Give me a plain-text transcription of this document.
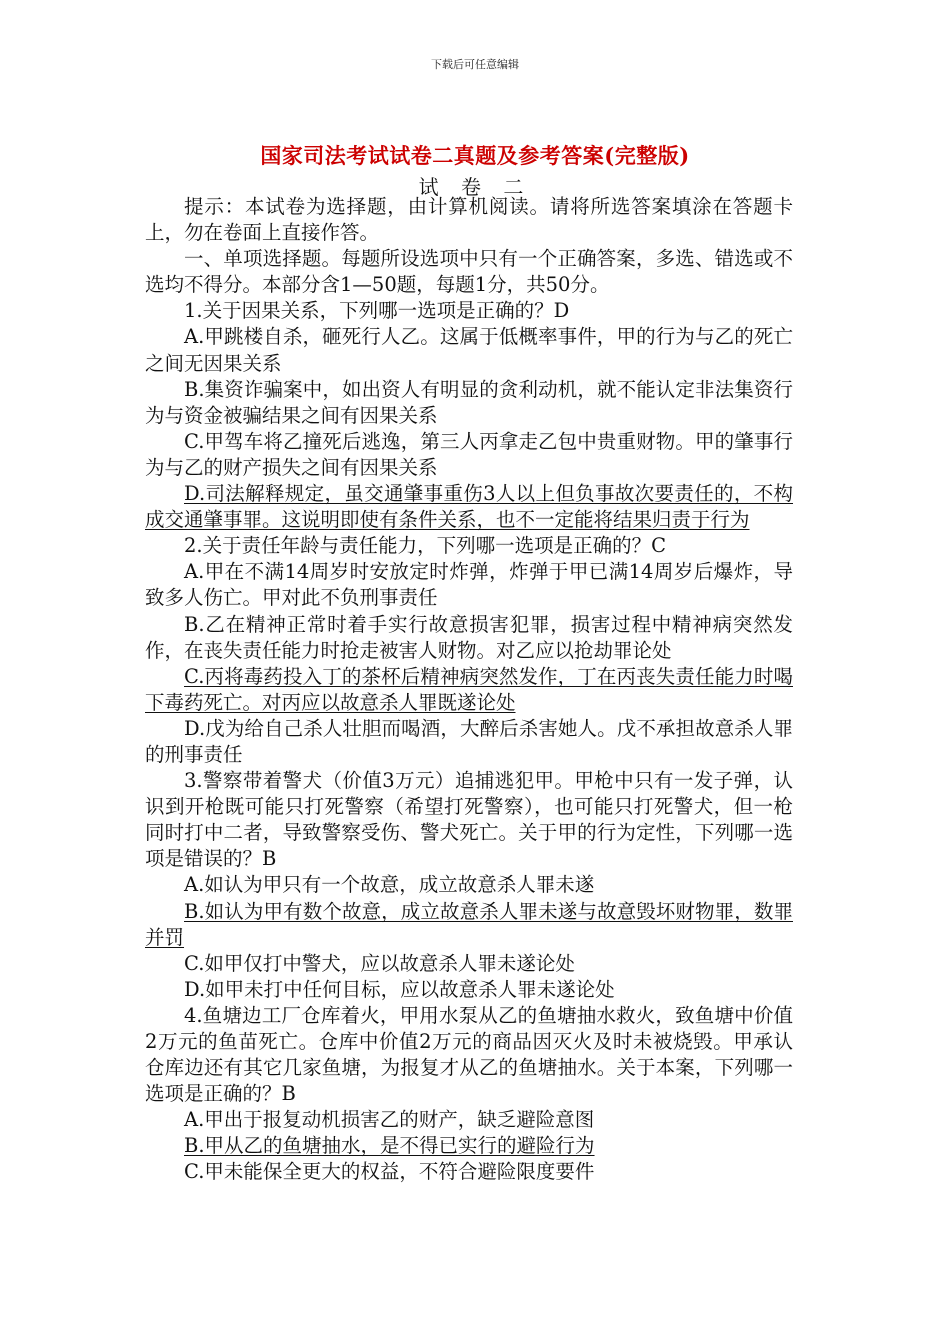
下载后可任意编辑
国家司法考试试卷二真题及参考答案(完整版)
试 卷 二

提示：本试卷为选择题，由计算机阅读。请将所选答案填涂在答题卡上，勿在卷面上直接作答。

一、单项选择题。每题所设选项中只有一个正确答案，多选、错选或不选均不得分。本部分含1—50题，每题1分，共50分。

1.关于因果关系，下列哪一选项是正确的？D

A.甲跳楼自杀，砸死行人乙。这属于低概率事件，甲的行为与乙的死亡之间无因果关系

B.集资诈骗案中，如出资人有明显的贪利动机，就不能认定非法集资行为与资金被骗结果之间有因果关系

C.甲驾车将乙撞死后逃逸，第三人丙拿走乙包中贵重财物。甲的肇事行为与乙的财产损失之间有因果关系

D.司法解释规定，虽交通肇事重伤3人以上但负事故次要责任的，不构成交通肇事罪。这说明即使有条件关系，也不一定能将结果归责于行为

2.关于责任年龄与责任能力，下列哪一选项是正确的？C

A.甲在不满14周岁时安放定时炸弹，炸弹于甲已满14周岁后爆炸，导致多人伤亡。甲对此不负刑事责任

B.乙在精神正常时着手实行故意损害犯罪，损害过程中精神病突然发作，在丧失责任能力时抢走被害人财物。对乙应以抢劫罪论处

C.丙将毒药投入丁的茶杯后精神病突然发作，丁在丙丧失责任能力时喝下毒药死亡。对丙应以故意杀人罪既遂论处

D.戊为给自己杀人壮胆而喝酒，大醉后杀害她人。戊不承担故意杀人罪的刑事责任

3.警察带着警犬（价值3万元）追捕逃犯甲。甲枪中只有一发子弹，认识到开枪既可能只打死警察（希望打死警察），也可能只打死警犬，但一枪同时打中二者，导致警察受伤、警犬死亡。关于甲的行为定性，下列哪一选项是错误的？B

A.如认为甲只有一个故意，成立故意杀人罪未遂

B.如认为甲有数个故意，成立故意杀人罪未遂与故意毁坏财物罪，数罪并罚

C.如甲仅打中警犬，应以故意杀人罪未遂论处

D.如甲未打中任何目标，应以故意杀人罪未遂论处

4.鱼塘边工厂仓库着火，甲用水泵从乙的鱼塘抽水救火，致鱼塘中价值2万元的鱼苗死亡。仓库中价值2万元的商品因灭火及时未被烧毁。甲承认仓库边还有其它几家鱼塘，为报复才从乙的鱼塘抽水。关于本案，下列哪一选项是正确的？B

A.甲出于报复动机损害乙的财产，缺乏避险意图

B.甲从乙的鱼塘抽水，是不得已实行的避险行为

C.甲未能保全更大的权益，不符合避险限度要件
